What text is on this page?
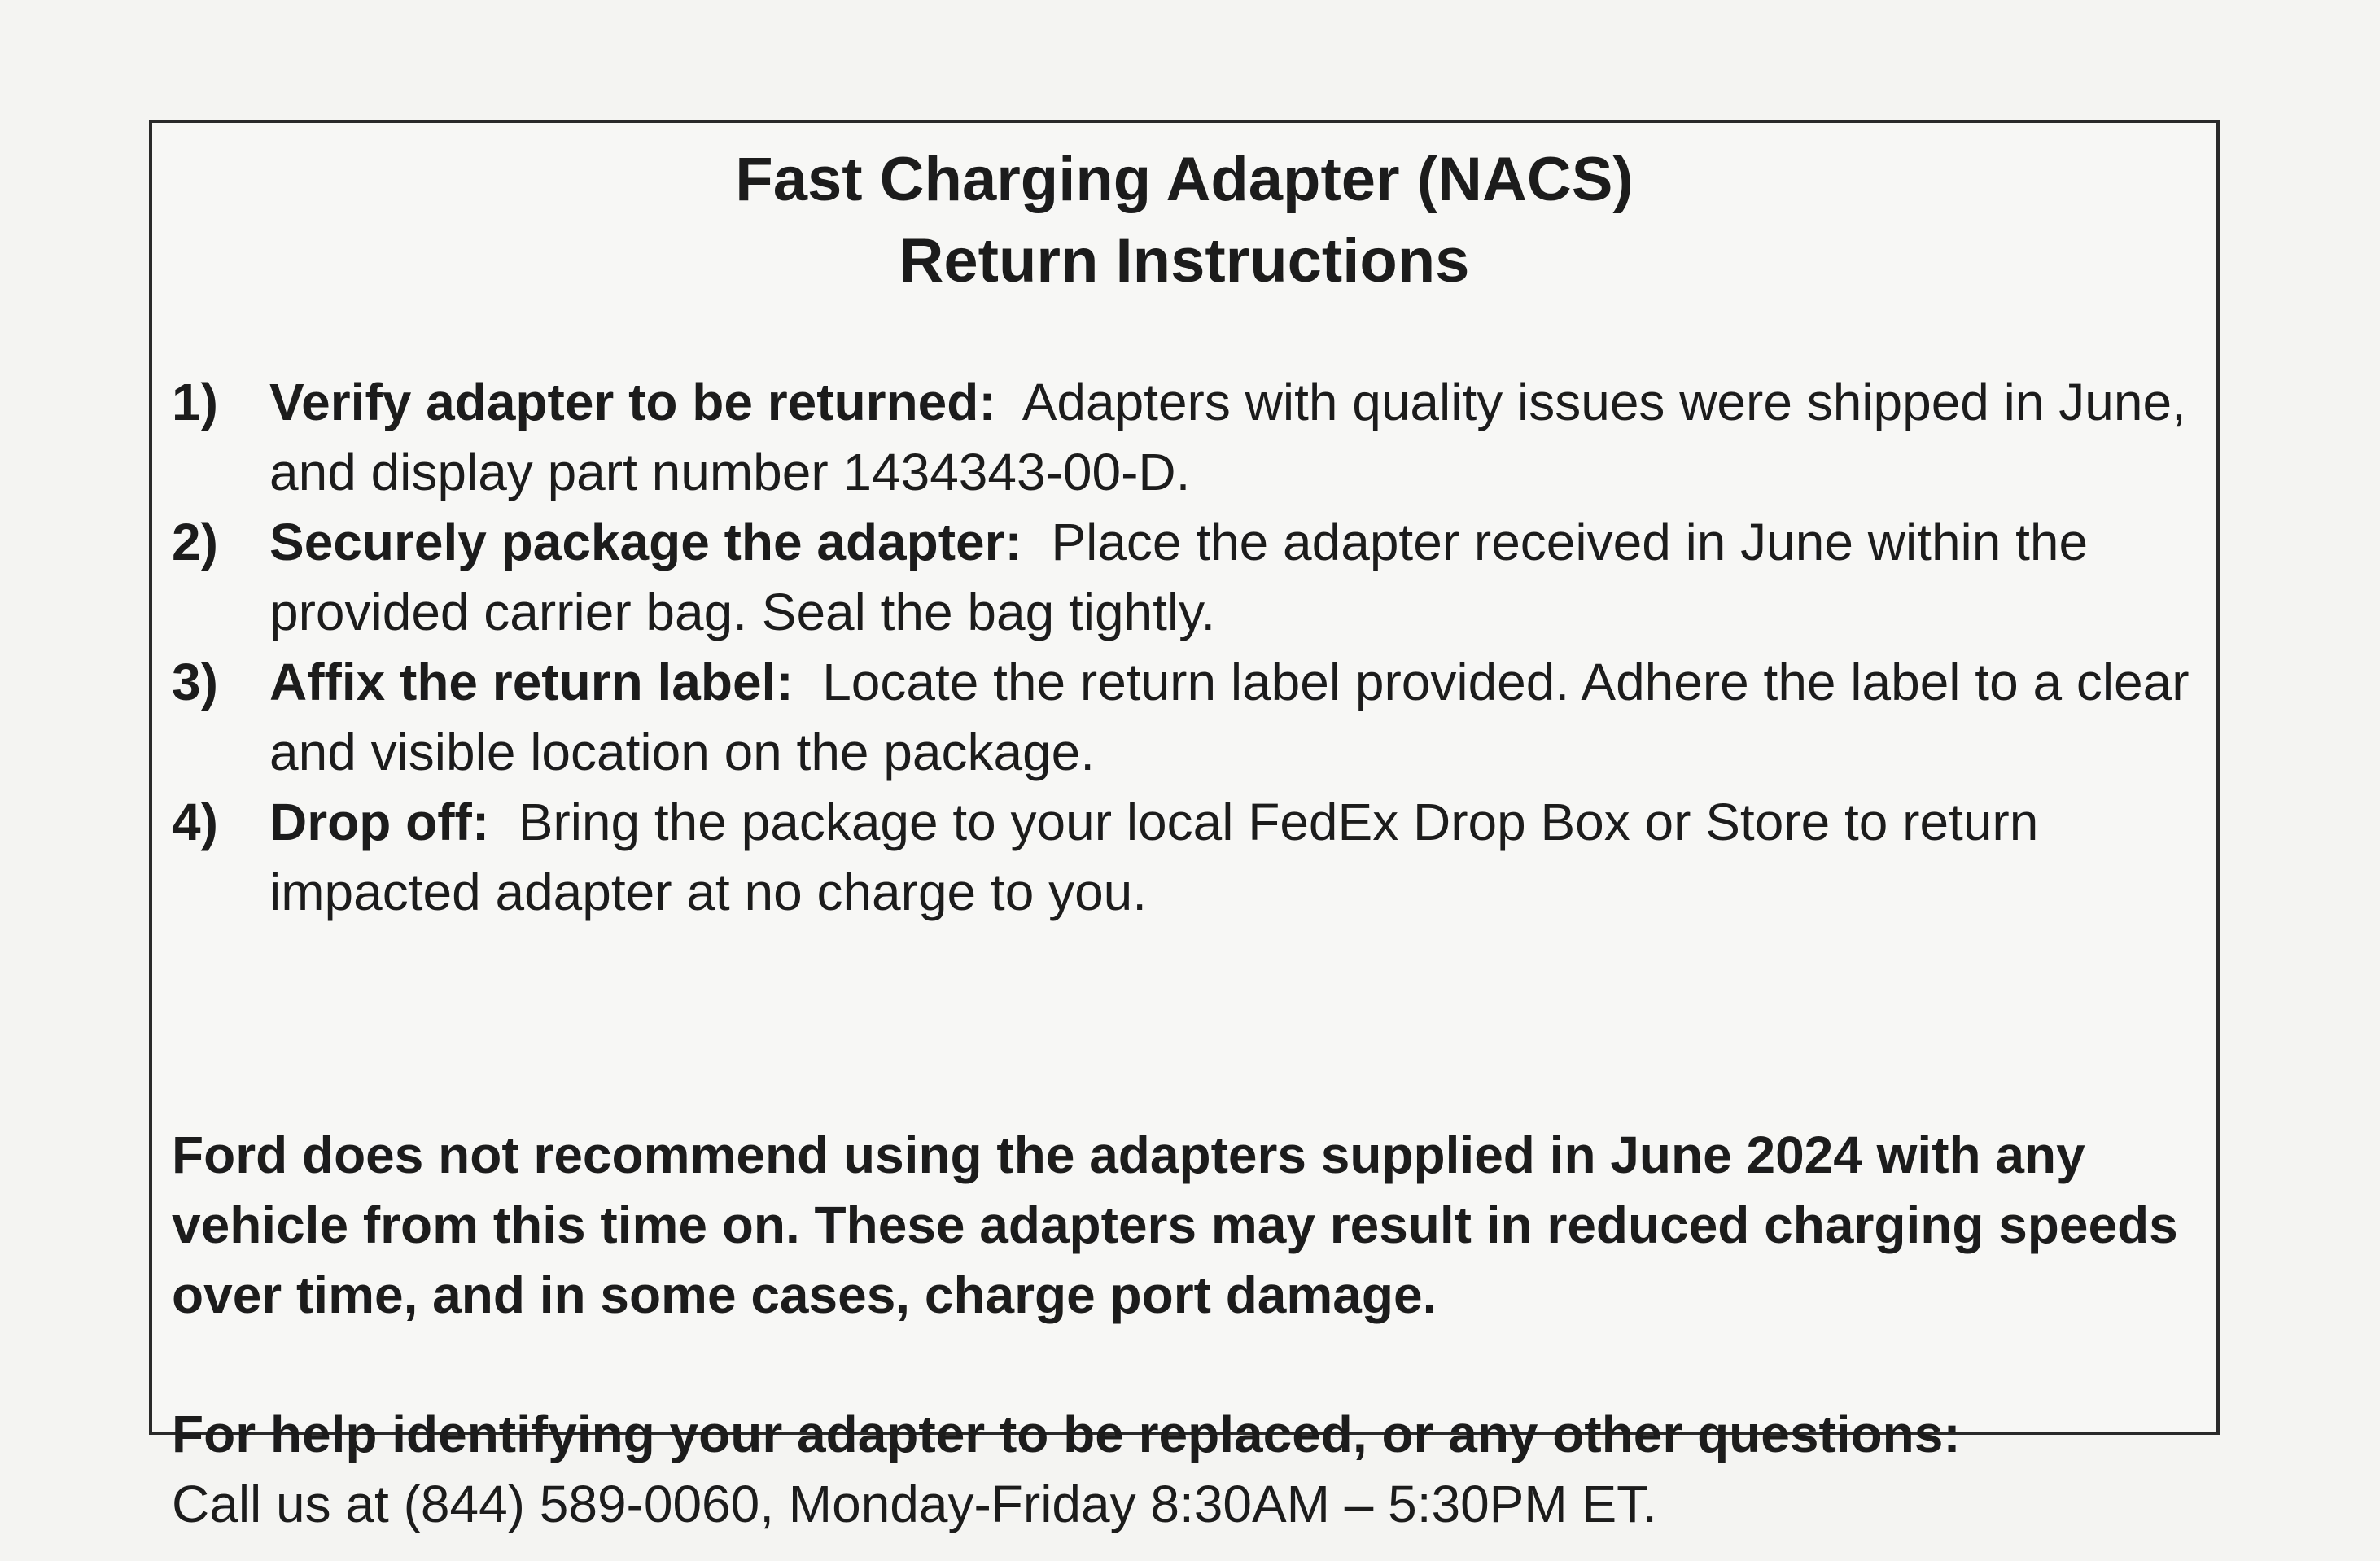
Fast Charging Adapter (NACS)
Return Instructions
1) Verify adapter to be returned: Adapters with quality issues were shipped in June, and display part number 1434343-00-D.
2) Securely package the adapter: Place the adapter received in June within the provided carrier bag. Seal the bag tightly.
3) Affix the return label: Locate the return label provided. Adhere the label to a clear and visible location on the package.
4) Drop off: Bring the package to your local FedEx Drop Box or Store to return impacted adapter at no charge to you.

Ford does not recommend using the adapters supplied in June 2024 with any vehicle from this time on. These adapters may result in reduced charging speeds over time, and in some cases, charge port damage.

For help identifying your adapter to be replaced, or any other questions:
Call us at (844) 589-0060, Monday-Friday 8:30AM – 5:30PM ET.
